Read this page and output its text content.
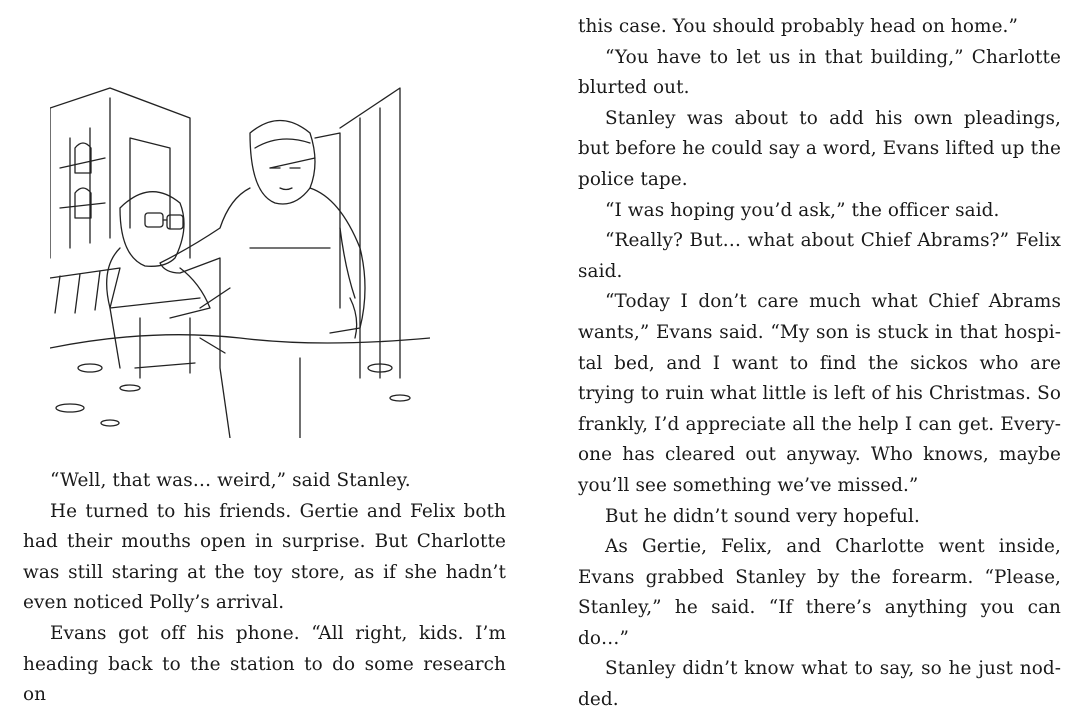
“Well, that was… weird,” said Stanley.

He turned to his friends. Gertie and Felix both had their mouths open in surprise. But Charlotte was still staring at the toy store, as if she hadn’t even noticed Polly’s arrival.

Evans got off his phone. “All right, kids. I’m heading back to the station to do some research on

this case. You should probably head on home.”

“You have to let us in that building,” Charlotte blurted out.

Stanley was about to add his own pleadings, but before he could say a word, Evans lifted up the police tape.

“I was hoping you’d ask,” the officer said.

“Really? But… what about Chief Abrams?” Felix said.

“Today I don’t care much what Chief Abrams wants,” Evans said. “My son is stuck in that hospital bed, and I want to find the sickos who are trying to ruin what little is left of his Christmas. So frankly, I’d appreciate all the help I can get. Everyone has cleared out anyway. Who knows, maybe you’ll see something we’ve missed.”

But he didn’t sound very hopeful.

As Gertie, Felix, and Charlotte went inside, Evans grabbed Stanley by the forearm. “Please, Stanley,” he said. “If there’s anything you can do…”

Stanley didn’t know what to say, so he just nodded.
